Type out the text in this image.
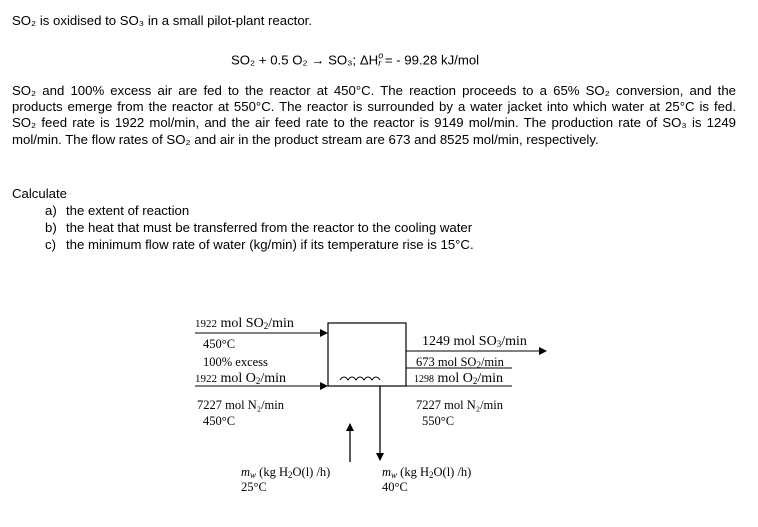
SO₂ is oxidised to SO₃ in a small pilot-plant reactor.
SO₂ + 0.5 O₂ → SO₃; $\Delta H^o_r$ = - 99.28 kJ/mol
SO₂ and 100% excess air are fed to the reactor at 450°C. The reaction proceeds to a 65% SO₂ conversion, and the products emerge from the reactor at 550°C. The reactor is surrounded by a water jacket into which water at 25°C is fed. SO₂ feed rate is 1922 mol/min, and the air feed rate to the reactor is 9149 mol/min. The production rate of SO₃ is 1249 mol/min. The flow rates of SO₂ and air in the product stream are 673 and 8525 mol/min, respectively.
Calculate
a) the extent of reaction
b) the heat that must be transferred from the reactor to the cooling water
c) the minimum flow rate of water (kg/min) if its temperature rise is 15°C.
1922 mol $SO_2/\min$
450°C
100% excess
1922 mol $O_2/\min$
7227 mol N₂/min
450°C
1249 mol $SO_3/\min$
673 mol $SO_2/\min$
1298 mol $O_2/\min$
7227 mol N₂/min
550°C
$m_w$ (kg $H_2O(l)$ /h)
25°C
$m_w$ (kg $H_2O(l)$ /h)
40°C
